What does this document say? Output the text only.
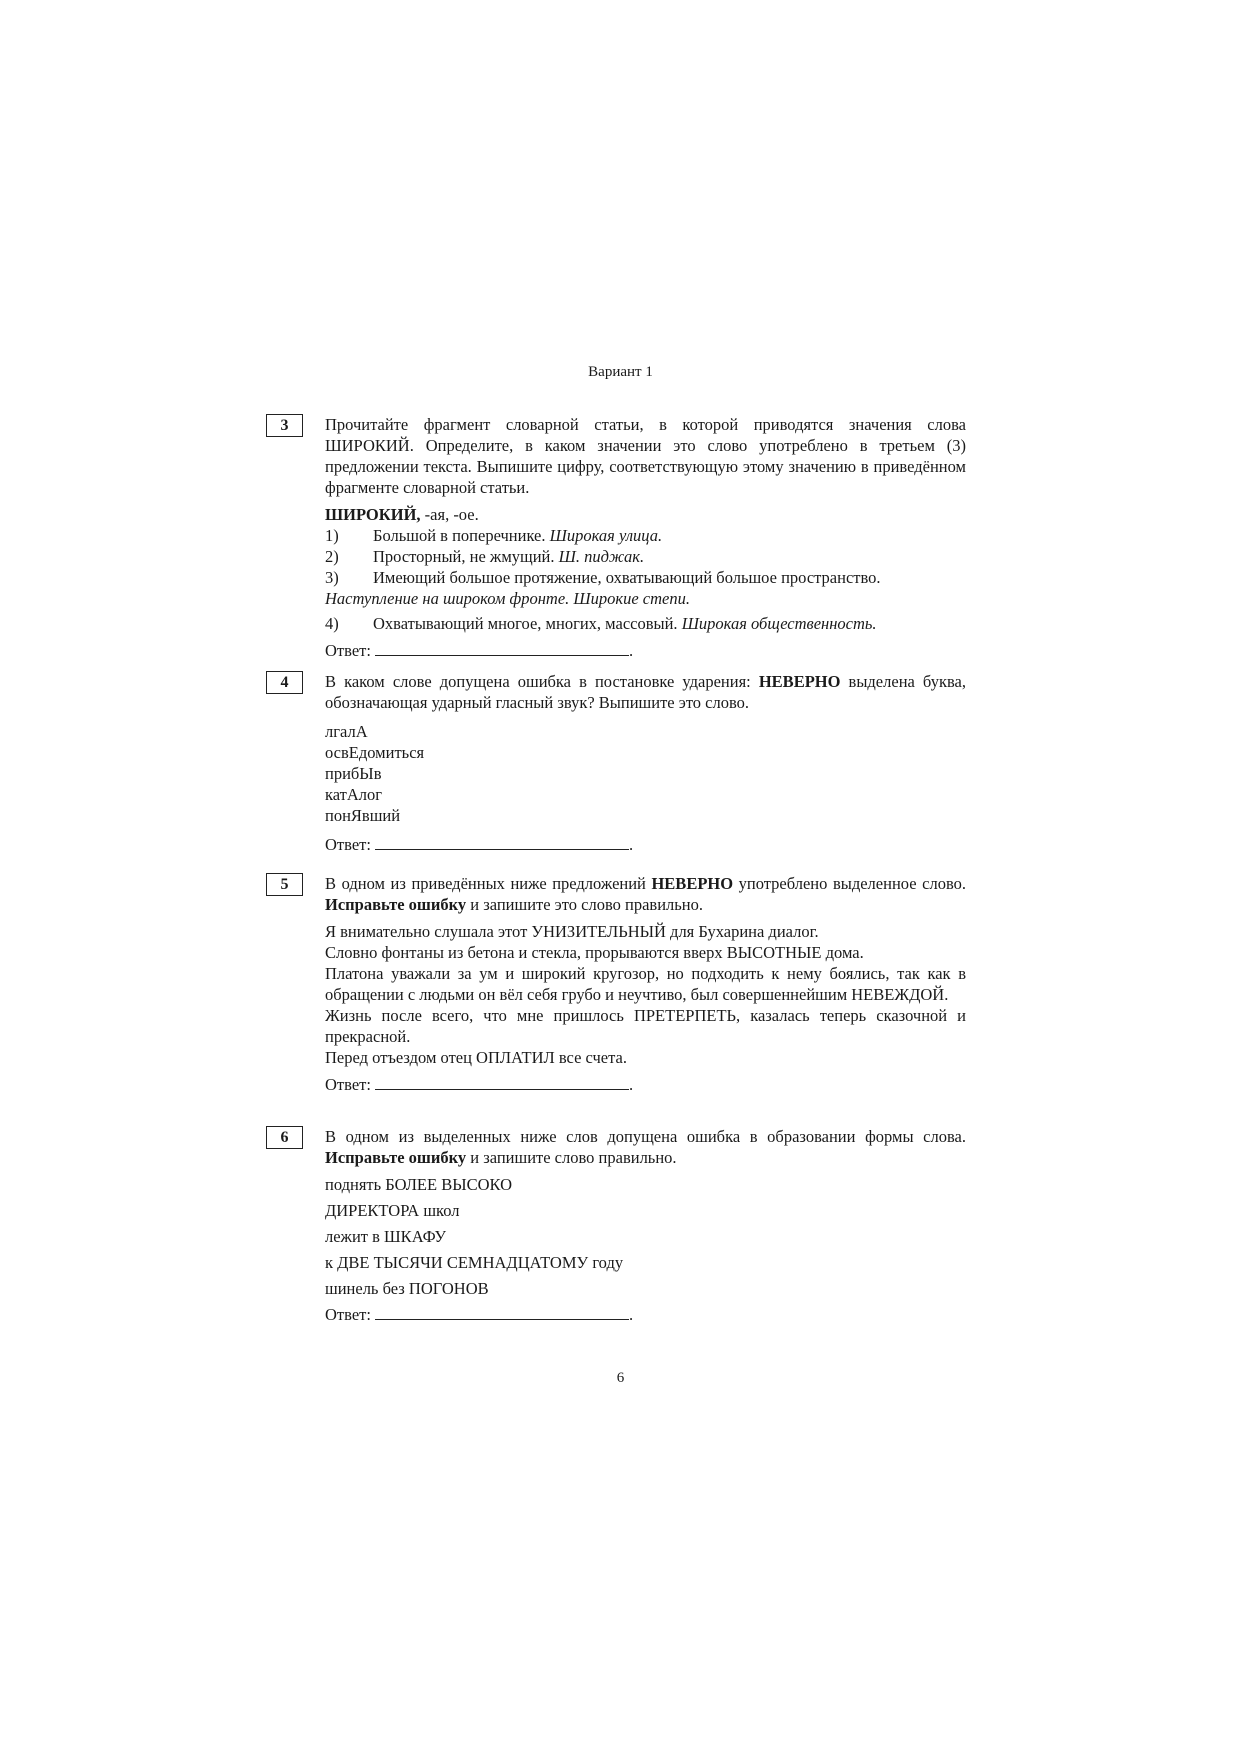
Вариант 1
3	Прочитайте фрагмент словарной статьи, в которой приводятся значения слова ШИРОКИЙ. Определите, в каком значении это слово употреблено в третьем (3) предложении текста. Выпишите цифру, соответствующую этому значению в приведённом фрагменте словарной статьи.

ШИРОКИЙ, -ая, -ое.
1)	Большой в поперечнике. Широкая улица.
2)	Просторный, не жмущий. Ш. пиджак.
3)	Имеющий большое протяжение, охватывающий большое пространство.
Наступление на широком фронте. Широкие степи.
4)	Охватывающий многое, многих, массовый. Широкая общественность.
Ответ:	.
4	В каком слове допущена ошибка в постановке ударения: НЕВЕРНО выделена буква, обозначающая ударный гласный звук? Выпишите это слово.

лгалА
освЕдомиться
прибЫв
катАлог
понЯвший
Ответ:	.
5	В одном из приведённых ниже предложений НЕВЕРНО употреблено выделенное слово. Исправьте ошибку и запишите это слово правильно.

Я внимательно слушала этот УНИЗИТЕЛЬНЫЙ для Бухарина диалог.
Словно фонтаны из бетона и стекла, прорываются вверх ВЫСОТНЫЕ дома.
Платона уважали за ум и широкий кругозор, но подходить к нему боялись, так как в обращении с людьми он вёл себя грубо и неучтиво, был совершеннейшим НЕВЕЖДОЙ.
Жизнь после всего, что мне пришлось ПРЕТЕРПЕТЬ, казалась теперь сказочной и прекрасной.
Перед отъездом отец ОПЛАТИЛ все счета.
Ответ:	.
6	В одном из выделенных ниже слов допущена ошибка в образовании формы слова. Исправьте ошибку и запишите слово правильно.

поднять БОЛЕЕ ВЫСОКО
ДИРЕКТОРА школ
лежит в ШКАФУ
к ДВЕ ТЫСЯЧИ СЕМНАДЦАТОМУ году
шинель без ПОГОНОВ
Ответ:	.
6
